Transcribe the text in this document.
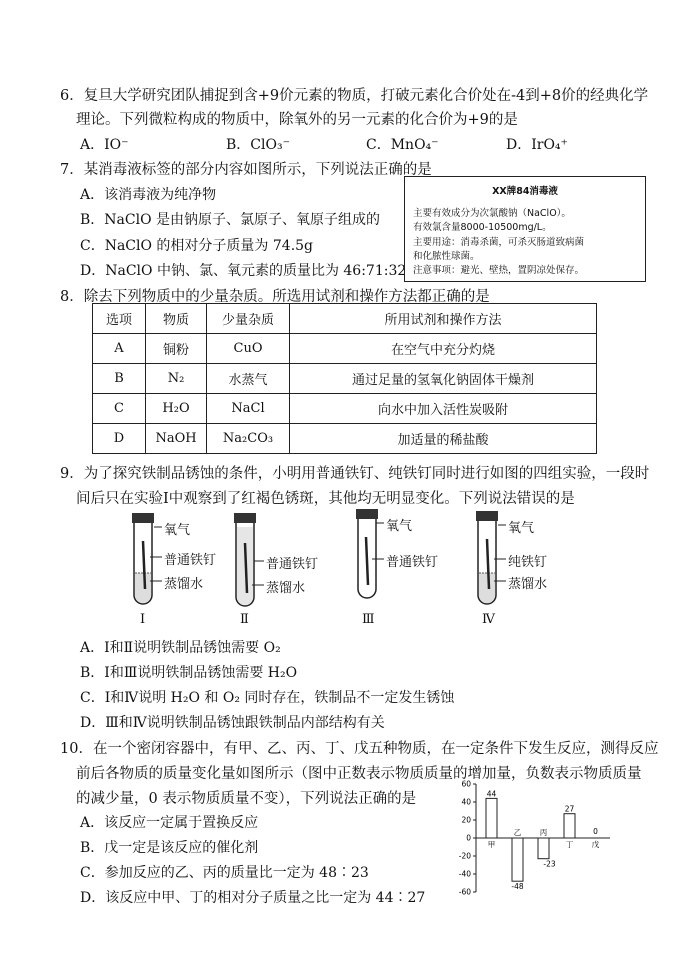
6．复旦大学研究团队捕捉到含+9价元素的物质，打破元素化合价处在-4到+8价的经典化学
理论。下列微粒构成的物质中，除氧外的另一元素的化合价为+9的是
A．IO⁻	B．ClO₃⁻	C．MnO₄⁻	D．IrO₄⁺
7．某消毒液标签的部分内容如图所示，下列说法正确的是
A．该消毒液为纯净物
B．NaClO 是由钠原子、氯原子、氧原子组成的
C．NaClO 的相对分子质量为 74.5g
D．NaClO 中钠、氯、氧元素的质量比为 46:71:32
XX牌84消毒液
主要有效成分为次氯酸钠（NaClO）。
有效氯含量8000-10500mg/L。
主要用途：消毒杀菌，可杀灭肠道致病菌
和化脓性球菌。
注意事项：避光、壁热，置阴凉处保存。
8．除去下列物质中的少量杂质。所选用试剂和操作方法都正确的是
选项	物质	少量杂质	所用试剂和操作方法
A	铜粉	CuO	在空气中充分灼烧
B	N₂	水蒸气	通过足量的氢氧化钠固体干燥剂
C	H₂O	NaCl	向水中加入活性炭吸附
D	NaOH	Na₂CO₃	加适量的稀盐酸
9．为了探究铁制品锈蚀的条件，小明用普通铁钉、纯铁钉同时进行如图的四组实验，一段时
间后只在实验Ⅰ中观察到了红褐色锈斑，其他均无明显变化。下列说法错误的是
氧气
普通铁钉
蒸馏水
普通铁钉
蒸馏水
氧气
普通铁钉
氧气
纯铁钉
蒸馏水
Ⅰ	Ⅱ	Ⅲ	Ⅳ
A．Ⅰ和Ⅱ说明铁制品锈蚀需要 O₂
B．Ⅰ和Ⅲ说明铁制品锈蚀需要 H₂O
C．Ⅰ和Ⅳ说明 H₂O 和 O₂ 同时存在，铁制品不一定发生锈蚀
D．Ⅲ和Ⅳ说明铁制品锈蚀跟铁制品内部结构有关
10．在一个密闭容器中，有甲、乙、丙、丁、戊五种物质，在一定条件下发生反应，测得反应
前后各物质的质量变化量如图所示（图中正数表示物质质量的增加量，负数表示物质质量
的减少量，0 表示物质质量不变），下列说法正确的是
A．该反应一定属于置换反应
B．戊一定是该反应的催化剂
C．参加反应的乙、丙的质量比一定为 48∶23
D．该反应中甲、丁的相对分子质量之比一定为 44∶27
60
40
20
0
-20
-40
-60
甲
44
乙
-48
丙
-23
丁
27
戊
0
